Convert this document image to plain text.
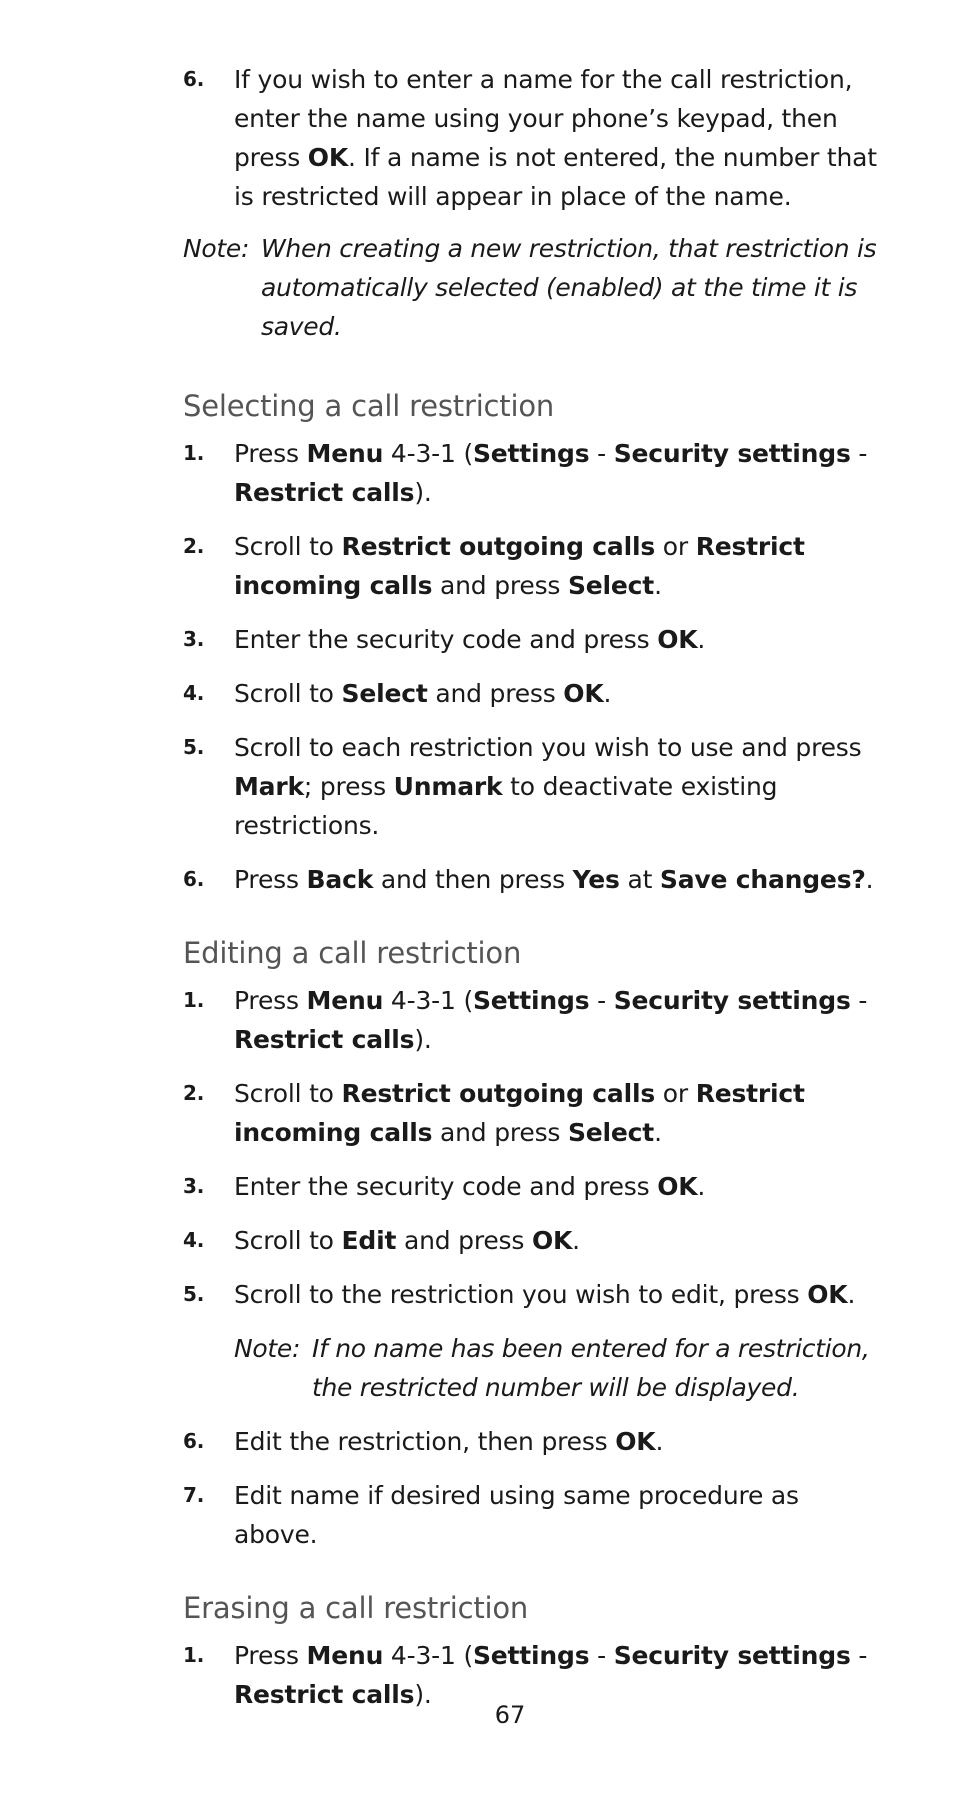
6.	If you wish to enter a name for the call restriction, enter the name using your phone’s keypad, then press OK. If a name is not entered, the number that is restricted will appear in place of the name.
Note: When creating a new restriction, that restriction is automatically selected (enabled) at the time it is saved.
Selecting a call restriction
1.	Press Menu 4-3-1 (Settings - Security settings - Restrict calls).
2.	Scroll to Restrict outgoing calls or Restrict incoming calls and press Select.
3.	Enter the security code and press OK.
4.	Scroll to Select and press OK.
5.	Scroll to each restriction you wish to use and press Mark; press Unmark to deactivate existing restrictions.
6.	Press Back and then press Yes at Save changes?.
Editing a call restriction
1.	Press Menu 4-3-1 (Settings - Security settings - Restrict calls).
2.	Scroll to Restrict outgoing calls or Restrict incoming calls and press Select.
3.	Enter the security code and press OK.
4.	Scroll to Edit and press OK.
5.	Scroll to the restriction you wish to edit, press OK.
Note: If no name has been entered for a restriction, the restricted number will be displayed.
6.	Edit the restriction, then press OK.
7.	Edit name if desired using same procedure as above.
Erasing a call restriction
1.	Press Menu 4-3-1 (Settings - Security settings - Restrict calls).
67
